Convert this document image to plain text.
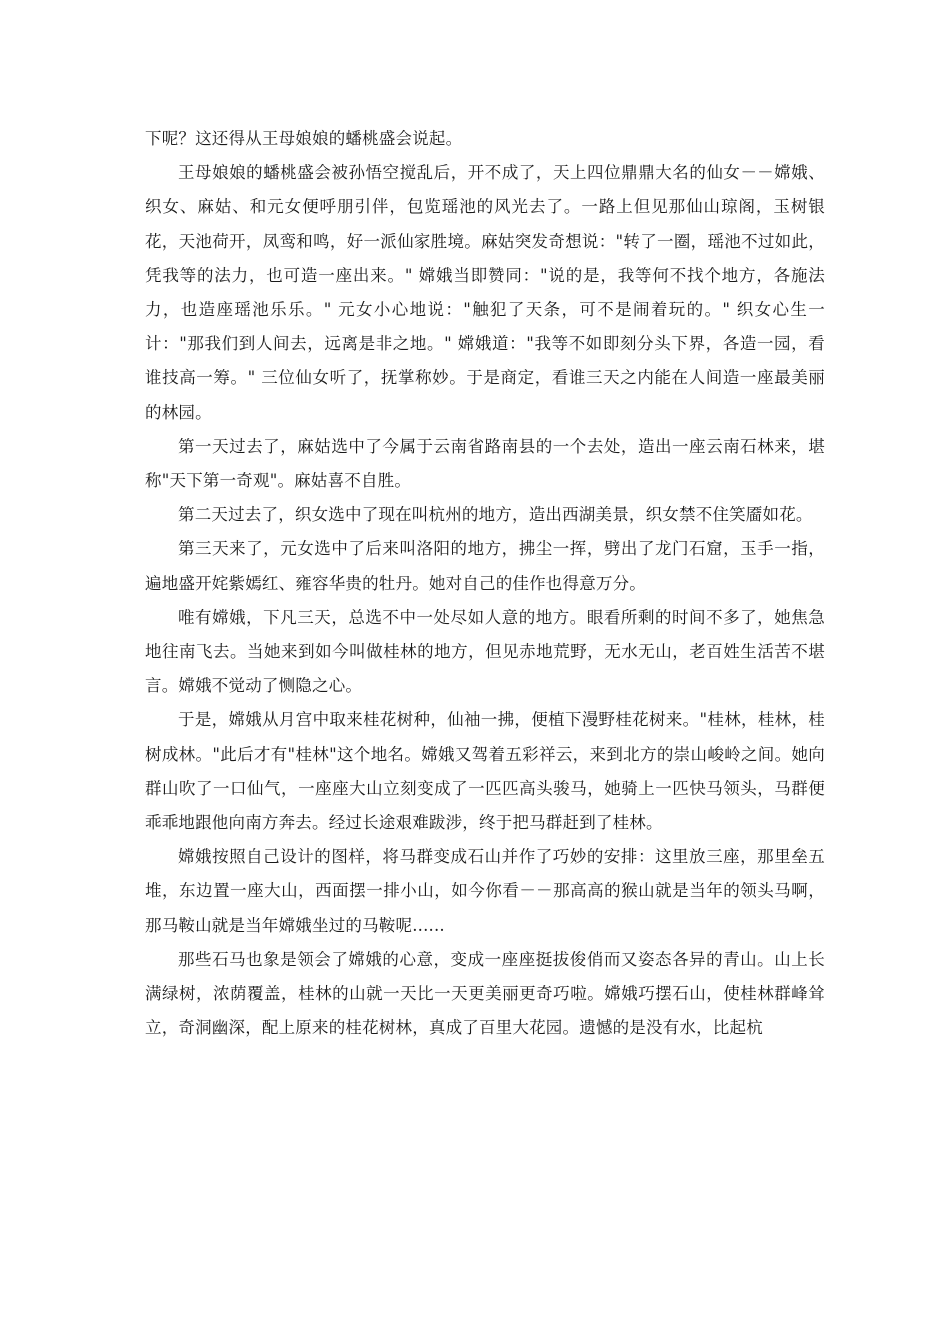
下呢？这还得从王母娘娘的蟠桃盛会说起。

王母娘娘的蟠桃盛会被孙悟空搅乱后，开不成了，天上四位鼎鼎大名的仙女－－嫦娥、织女、麻姑、和元女便呼朋引伴，包览瑶池的风光去了。一路上但见那仙山琼阁，玉树银花，天池荷开，凤鸾和鸣，好一派仙家胜境。麻姑突发奇想说："转了一圈，瑶池不过如此，凭我等的法力，也可造一座出来。" 嫦娥当即赞同："说的是，我等何不找个地方，各施法力，也造座瑶池乐乐。" 元女小心地说："触犯了天条，可不是闹着玩的。" 织女心生一计："那我们到人间去，远离是非之地。" 嫦娥道："我等不如即刻分头下界，各造一园，看谁技高一筹。" 三位仙女听了，抚掌称妙。于是商定，看谁三天之内能在人间造一座最美丽的林园。

第一天过去了，麻姑选中了今属于云南省路南县的一个去处，造出一座云南石林来，堪称"天下第一奇观"。麻姑喜不自胜。

第二天过去了，织女选中了现在叫杭州的地方，造出西湖美景，织女禁不住笑靥如花。

第三天来了，元女选中了后来叫洛阳的地方，拂尘一挥，劈出了龙门石窟，玉手一指，遍地盛开姹紫嫣红、雍容华贵的牡丹。她对自己的佳作也得意万分。

唯有嫦娥，下凡三天，总选不中一处尽如人意的地方。眼看所剩的时间不多了，她焦急地往南飞去。当她来到如今叫做桂林的地方，但见赤地荒野，无水无山，老百姓生活苦不堪言。嫦娥不觉动了恻隐之心。

于是，嫦娥从月宫中取来桂花树种，仙袖一拂，便植下漫野桂花树来。"桂林，桂林，桂树成林。"此后才有"桂林"这个地名。嫦娥又驾着五彩祥云，来到北方的崇山峻岭之间。她向群山吹了一口仙气，一座座大山立刻变成了一匹匹高头骏马，她骑上一匹快马领头，马群便乖乖地跟他向南方奔去。经过长途艰难跋涉，终于把马群赶到了桂林。

嫦娥按照自己设计的图样，将马群变成石山并作了巧妙的安排：这里放三座，那里垒五堆，东边置一座大山，西面摆一排小山，如今你看－－那高高的猴山就是当年的领头马啊，那马鞍山就是当年嫦娥坐过的马鞍呢......

那些石马也象是领会了嫦娥的心意，变成一座座挺拔俊俏而又姿态各异的青山。山上长满绿树，浓荫覆盖，桂林的山就一天比一天更美丽更奇巧啦。嫦娥巧摆石山，使桂林群峰耸立，奇洞幽深，配上原来的桂花树林，真成了百里大花园。遗憾的是没有水，比起杭
